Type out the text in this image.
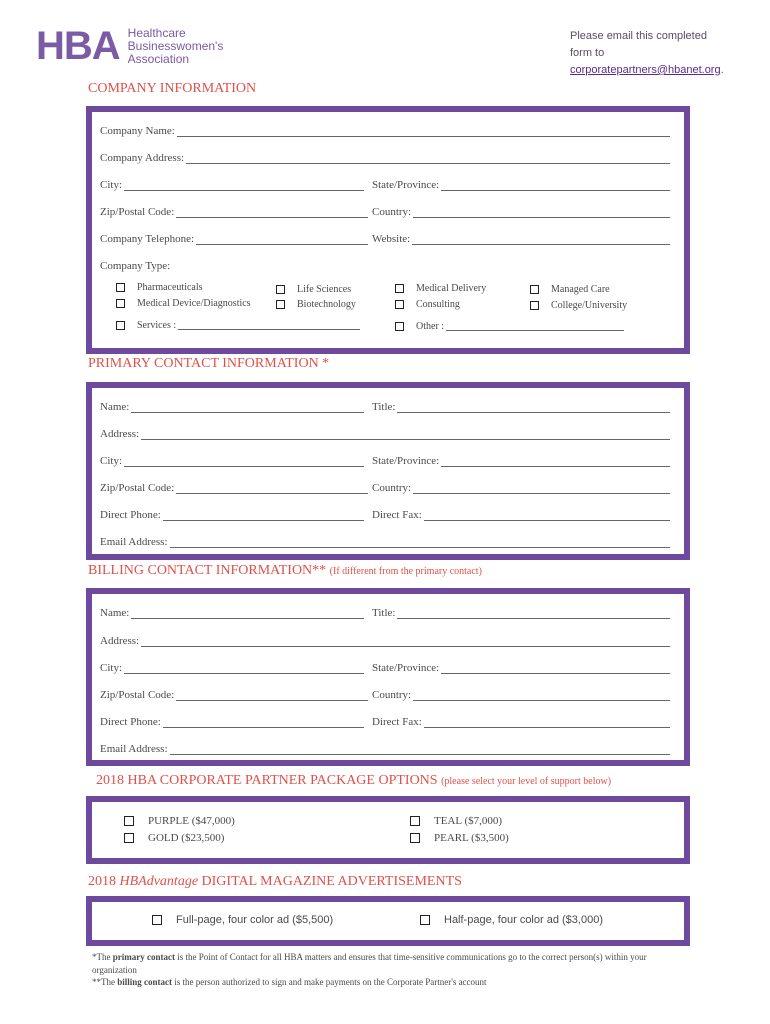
HBA Healthcare
Businesswomen's
Association
Please email this completed
form to
corporatepartners@hbanet.org.
COMPANY INFORMATION
Company Name:
Company Address:
City:	State/Province:
Zip/Postal Code:	Country:
Company Telephone:	Website:
Company Type:
Pharmaceuticals
Medical Device/Diagnostics
Life Sciences
Biotechnology
Medical Delivery
Consulting
Managed Care
College/University
Services :	Other :
PRIMARY CONTACT INFORMATION *
Name:	Title:
Address:
City:	State/Province:
Zip/Postal Code:	Country:
Direct Phone:	Direct Fax:
Email Address:
BILLING CONTACT INFORMATION** (If different from the primary contact)
Name:	Title:
Address:
City:	State/Province:
Zip/Postal Code:	Country:
Direct Phone:	Direct Fax:
Email Address:
2018 HBA CORPORATE PARTNER PACKAGE OPTIONS (please select your level of support below)
PURPLE ($47,000)
GOLD ($23,500)
TEAL ($7,000)
PEARL ($3,500)
2018 HBAdvantage DIGITAL MAGAZINE ADVERTISEMENTS
Full-page, four color ad ($5,500)	Half-page, four color ad ($3,000)
*The primary contact is the Point of Contact for all HBA matters and ensures that time-sensitive communications go to the correct person(s) within your organization
**The billing contact is the person authorized to sign and make payments on the Corporate Partner's account
